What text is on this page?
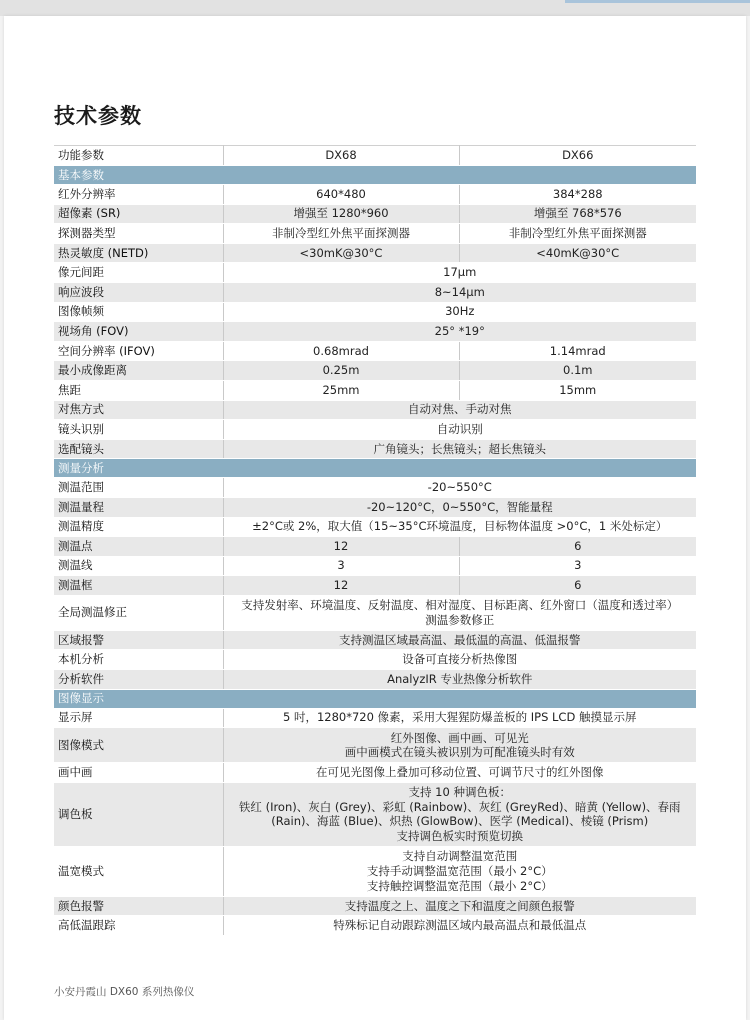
技术参数
功能参数	DX68	DX66
基本参数		
红外分辨率	640*480	384*288
超像素 (SR)	增强至 1280*960	增强至 768*576
探测器类型	非制冷型红外焦平面探测器	非制冷型红外焦平面探测器
热灵敏度 (NETD)	<30mK@30°C	<40mK@30°C
像元间距	17μm	
响应波段	8~14μm	
图像帧频	30Hz	
视场角 (FOV)	25° *19°	
空间分辨率 (IFOV)	0.68mrad	1.14mrad
最小成像距离	0.25m	0.1m
焦距	25mm	15mm
对焦方式	自动对焦、手动对焦	
镜头识别	自动识别	
选配镜头	广角镜头；长焦镜头；超长焦镜头	
测量分析		
测温范围	-20~550°C	
测温量程	-20~120°C，0~550°C，智能量程	
测温精度	±2°C或 2%，取大值（15~35°C环境温度，目标物体温度 >0°C，1 米处标定）	
测温点	12	6
测温线	3	3
测温框	12	6
全局测温修正	支持发射率、环境温度、反射温度、相对湿度、目标距离、红外窗口（温度和透过率）
测温参数修正	

区域报警	支持测温区域最高温、最低温的高温、低温报警	
本机分析	设备可直接分析热像图	
分析软件	AnalyzIR 专业热像分析软件	
图像显示		
显示屏	5 吋，1280*720 像素，采用大猩猩防爆盖板的 IPS LCD 触摸显示屏	
图像模式	红外图像、画中画、可见光
画中画模式在镜头被识别为可配准镜头时有效	

画中画	在可见光图像上叠加可移动位置、可调节尺寸的红外图像	
调色板	支持 10 种调色板：
铁红 (Iron)、灰白 (Grey)、彩虹 (Rainbow)、灰红 (GreyRed)、暗黄 (Yellow)、春雨
(Rain)、海蓝 (Blue)、炽热 (GlowBow)、医学 (Medical)、棱镜 (Prism)
支持调色板实时预览切换	

温宽模式	支持自动调整温宽范围
支持手动调整温宽范围（最小 2°C）
支持触控调整温宽范围（最小 2°C）	

颜色报警	支持温度之上、温度之下和温度之间颜色报警	
高低温跟踪	特殊标记自动跟踪测温区域内最高温点和最低温点	

小安丹霞山 DX60 系列热像仪
